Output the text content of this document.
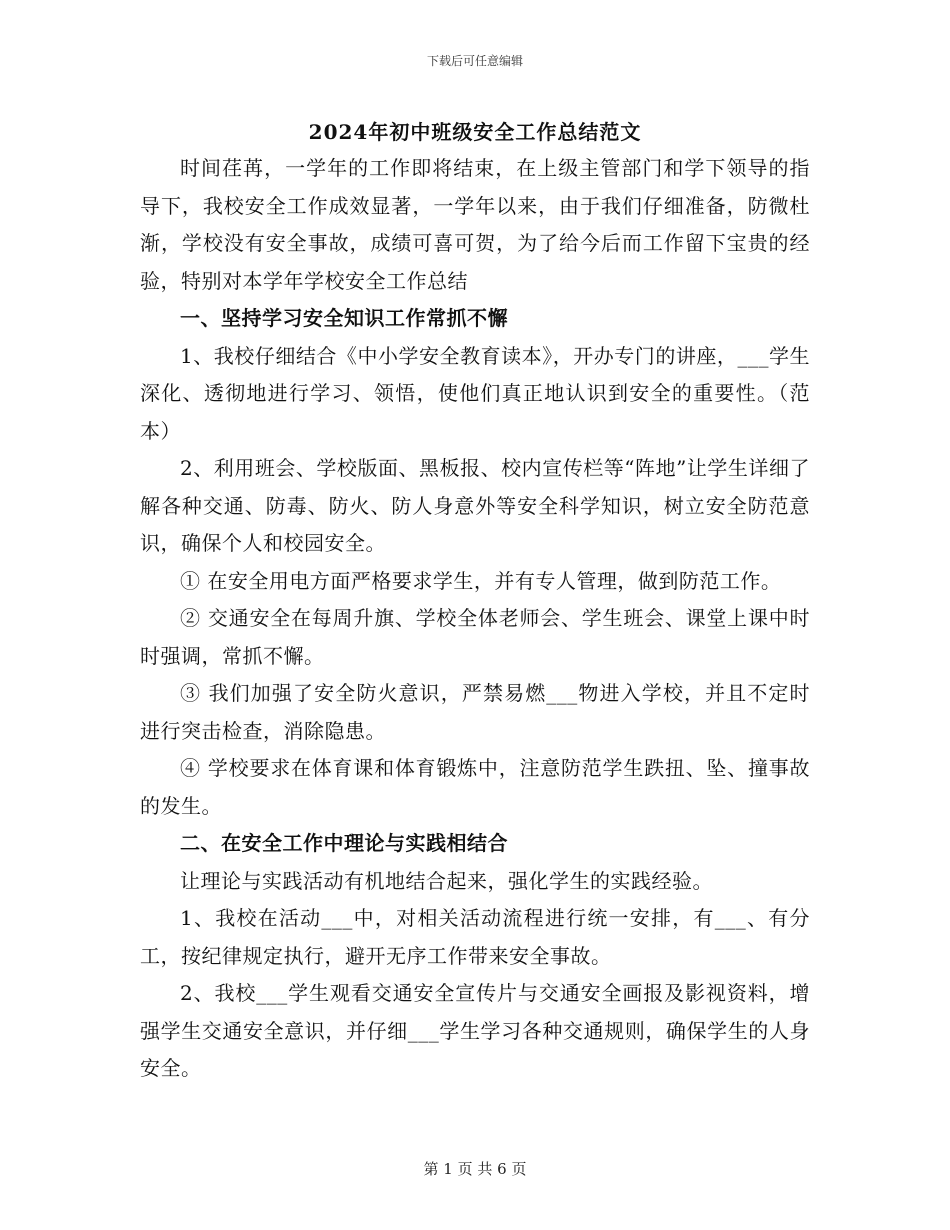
下载后可任意编辑
2024年初中班级安全工作总结范文

时间荏苒，一学年的工作即将结束，在上级主管部门和学下领导的指导下，我校安全工作成效显著，一学年以来，由于我们仔细准备，防微杜渐，学校没有安全事故，成绩可喜可贺，为了给今后而工作留下宝贵的经验，特别对本学年学校安全工作总结

一、坚持学习安全知识工作常抓不懈

1、我校仔细结合《中小学安全教育读本》，开办专门的讲座，___学生深化、透彻地进行学习、领悟，使他们真正地认识到安全的重要性。（范本）

2、利用班会、学校版面、黑板报、校内宣传栏等“阵地”让学生详细了解各种交通、防毒、防火、防人身意外等安全科学知识，树立安全防范意识，确保个人和校园安全。

① 在安全用电方面严格要求学生，并有专人管理，做到防范工作。

② 交通安全在每周升旗、学校全体老师会、学生班会、课堂上课中时时强调，常抓不懈。

③ 我们加强了安全防火意识，严禁易燃___物进入学校，并且不定时进行突击检查，消除隐患。

④ 学校要求在体育课和体育锻炼中，注意防范学生跌扭、坠、撞事故的发生。

二、在安全工作中理论与实践相结合

让理论与实践活动有机地结合起来，强化学生的实践经验。

1、我校在活动___中，对相关活动流程进行统一安排，有___、有分工，按纪律规定执行，避开无序工作带来安全事故。

2、我校___学生观看交通安全宣传片与交通安全画报及影视资料，增强学生交通安全意识，并仔细___学生学习各种交通规则，确保学生的人身安全。

第 1 页 共 6 页
